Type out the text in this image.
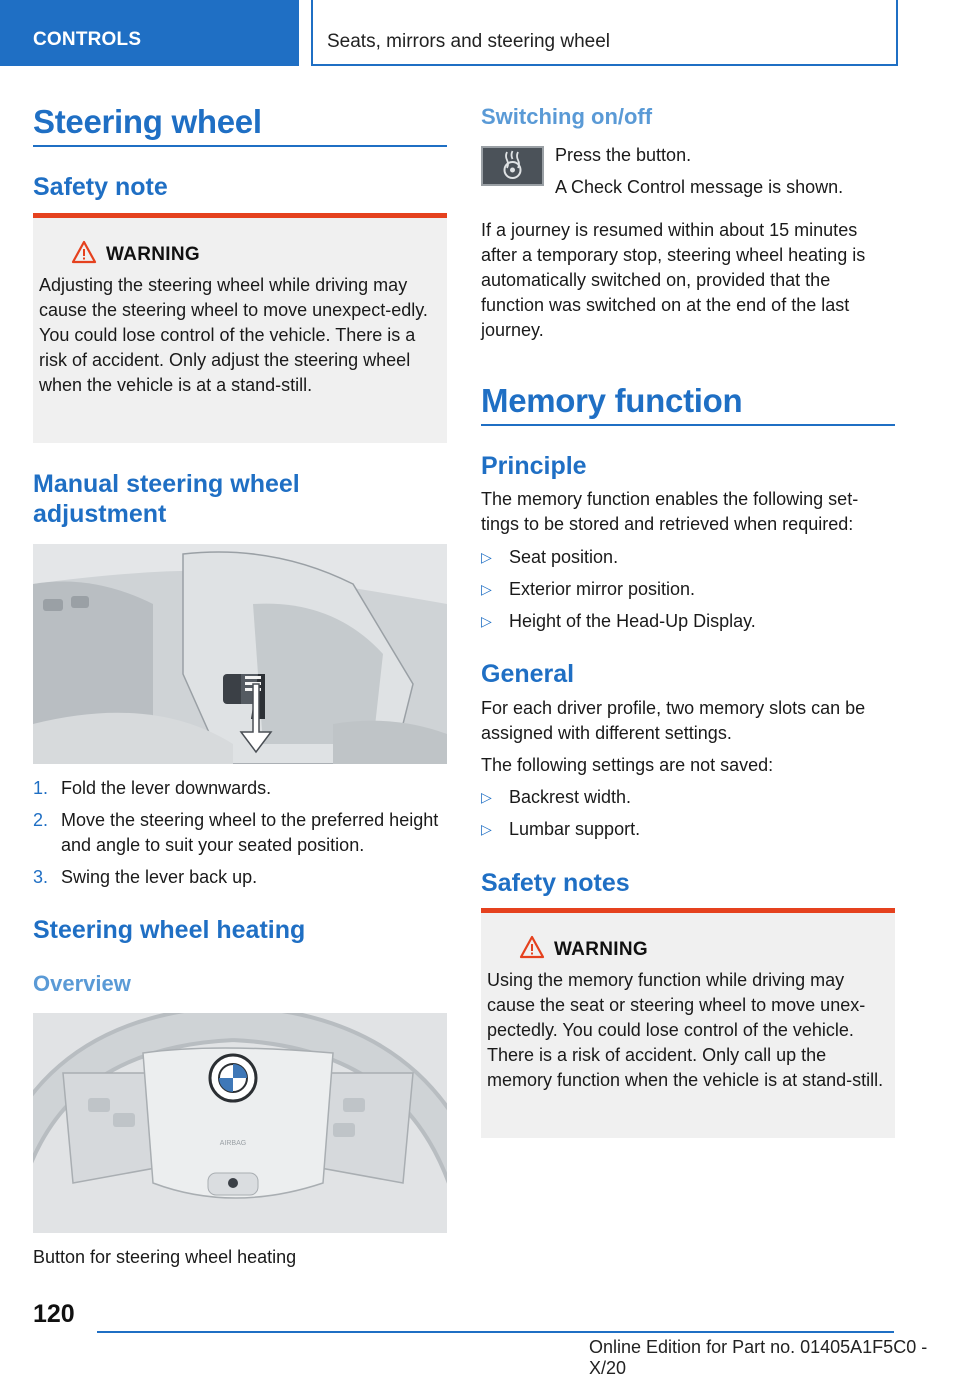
CONTROLS	Seats, mirrors and steering wheel
Steering wheel
Safety note
WARNING
Adjusting the steering wheel while driving may cause the steering wheel to move unexpect‐edly. You could lose control of the vehicle. There is a risk of accident. Only adjust the steering wheel when the vehicle is at a stand‐still.
Manual steering wheel adjustment
1. Fold the lever downwards.
2. Move the steering wheel to the preferred height and angle to suit your seated position.
3. Swing the lever back up.
Steering wheel heating
Overview
AIRBAG
Button for steering wheel heating
Switching on/off
Press the button.
A Check Control message is shown.
If a journey is resumed within about 15 minutes after a temporary stop, steering wheel heating is automatically switched on, provided that the function was switched on at the end of the last journey.
Memory function
Principle
The memory function enables the following set‐tings to be stored and retrieved when required:
▷ Seat position.
▷ Exterior mirror position.
▷ Height of the Head-Up Display.
General
For each driver profile, two memory slots can be assigned with different settings.
The following settings are not saved:
▷ Backrest width.
▷ Lumbar support.
Safety notes
WARNING
Using the memory function while driving may cause the seat or steering wheel to move unex‐pectedly. You could lose control of the vehicle. There is a risk of accident. Only call up the memory function when the vehicle is at stand‐still.
120
Online Edition for Part no. 01405A1F5C0 - X/20
